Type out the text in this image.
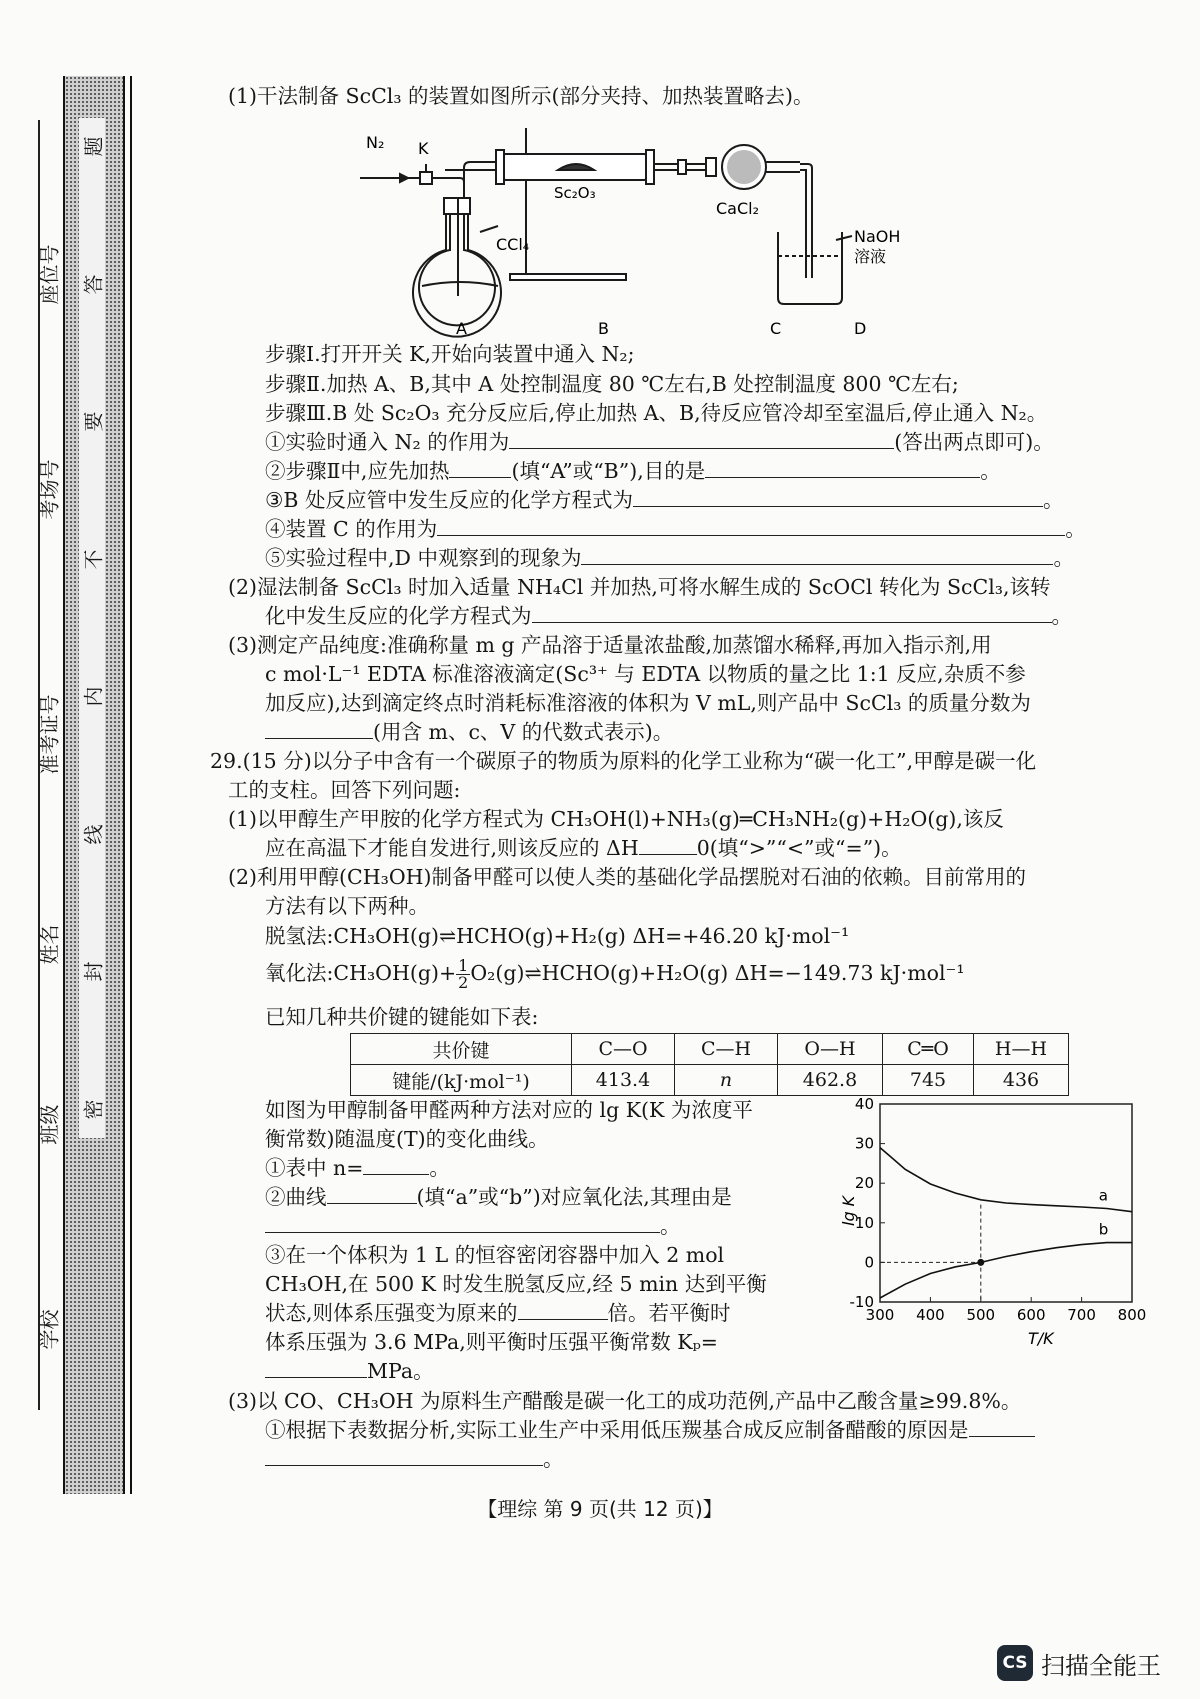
学校
班级
姓名
准考证号
考场号
座位号
题
答
要
不
内
线
封
密
(1)干法制备 ScCl₃ 的装置如图所示(部分夹持、加热装置略去)。
N₂ K
CCl₄
Sc₂O₃
CaCl₂
NaOH
溶液
A	B	C	D
步骤Ⅰ.打开开关 K,开始向装置中通入 N₂;
步骤Ⅱ.加热 A、B,其中 A 处控制温度 80 ℃左右,B 处控制温度 800 ℃左右;
步骤Ⅲ.B 处 Sc₂O₃ 充分反应后,停止加热 A、B,待反应管冷却至室温后,停止通入 N₂。
①实验时通入 N₂ 的作用为	(答出两点即可)。
②步骤Ⅱ中,应先加热	(填“A”或“B”),目的是	。
③B 处反应管中发生反应的化学方程式为	。
④装置 C 的作用为	。
⑤实验过程中,D 中观察到的现象为	。
(2)湿法制备 ScCl₃ 时加入适量 NH₄Cl 并加热,可将水解生成的 ScOCl 转化为 ScCl₃,该转
化中发生反应的化学方程式为	。
(3)测定产品纯度:准确称量 m g 产品溶于适量浓盐酸,加蒸馏水稀释,再加入指示剂,用
c mol·L⁻¹ EDTA 标准溶液滴定(Sc³⁺ 与 EDTA 以物质的量之比 1:1 反应,杂质不参
加反应),达到滴定终点时消耗标准溶液的体积为 V mL,则产品中 ScCl₃ 的质量分数为
(用含 m、c、V 的代数式表示)。
29.(15 分)以分子中含有一个碳原子的物质为原料的化学工业称为“碳一化工”,甲醇是碳一化
工的支柱。回答下列问题:
(1)以甲醇生产甲胺的化学方程式为 CH₃OH(l)+NH₃(g)═CH₃NH₂(g)+H₂O(g),该反
应在高温下才能自发进行,则该反应的 ΔH	0(填“>”“<”或“=”)。
(2)利用甲醇(CH₃OH)制备甲醛可以使人类的基础化学品摆脱对石油的依赖。目前常用的
方法有以下两种。
脱氢法:CH₃OH(g)⇌HCHO(g)+H₂(g) ΔH=+46.20 kJ·mol⁻¹
氧化法:CH₃OH(g)+ $\frac{1}{2}$ O₂(g)⇌HCHO(g)+H₂O(g) ΔH=−149.73 kJ·mol⁻¹
已知几种共价键的键能如下表:
共价键	C—O	C—H	O—H	C═O	H—H
键能/(kJ·mol⁻¹)	413.4	n	462.8	745	436
如图为甲醇制备甲醛两种方法对应的 lg K(K 为浓度平
衡常数)随温度(T)的变化曲线。
①表中 n=	。
②曲线	(填“a”或“b”)对应氧化法,其理由是
。
③在一个体积为 1 L 的恒容密闭容器中加入 2 mol
CH₃OH,在 500 K 时发生脱氢反应,经 5 min 达到平衡
状态,则体系压强变为原来的	倍。若平衡时
体系压强为 3.6 MPa,则平衡时压强平衡常数 Kₚ=
MPa。
(3)以 CO、CH₃OH 为原料生产醋酸是碳一化工的成功范例,产品中乙酸含量≥99.8%。
①根据下表数据分析,实际工业生产中采用低压羰基合成反应制备醋酸的原因是
。
300 400 500 600 700 800
-10
0
10
20
30
40
a
b
T/K
lg K
【理综 第 9 页(共 12 页)】
CS 扫描全能王
